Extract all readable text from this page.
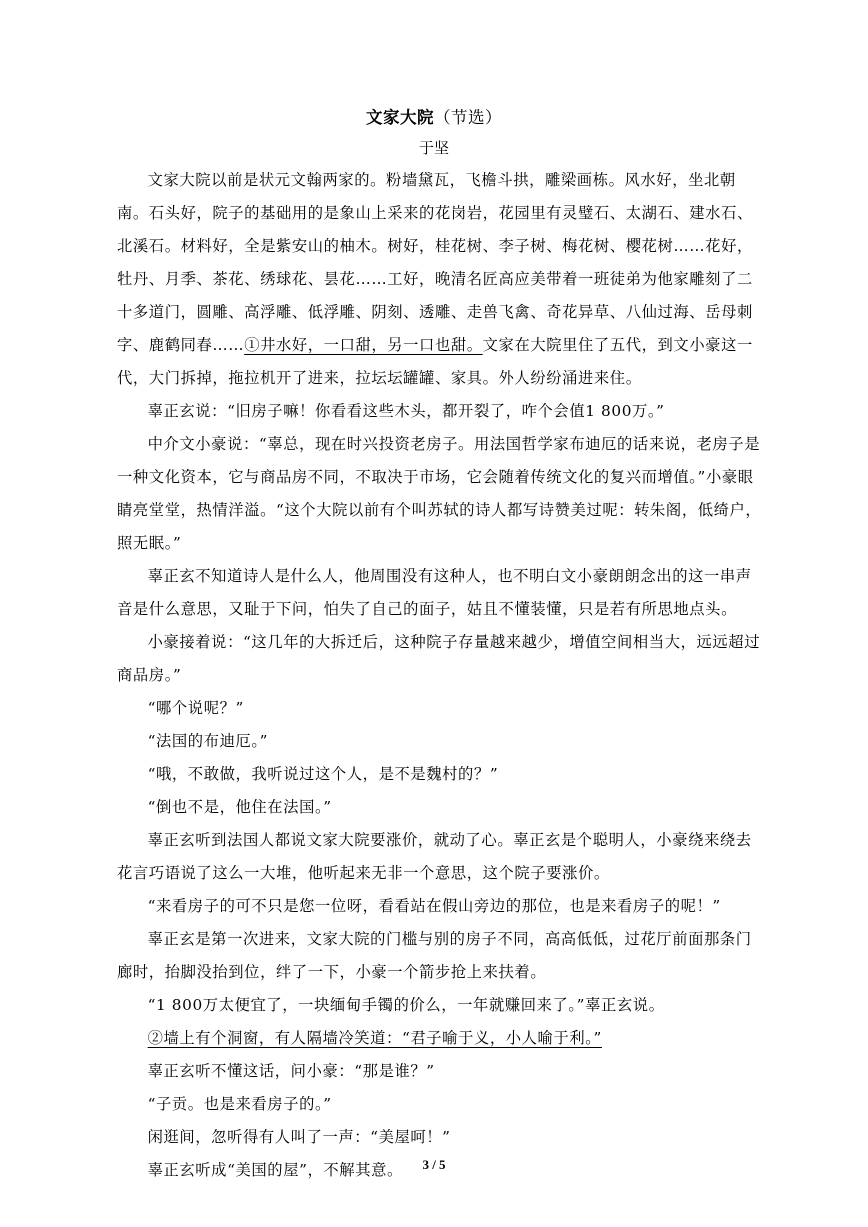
文家大院（节选）
于坚

文家大院以前是状元文翰两家的。粉墙黛瓦，飞檐斗拱，雕梁画栋。风水好，坐北朝南。石头好，院子的基础用的是象山上采来的花岗岩，花园里有灵璧石、太湖石、建水石、北溪石。材料好，全是紫安山的柚木。树好，桂花树、李子树、梅花树、樱花树……花好，牡丹、月季、茶花、绣球花、昙花……工好，晚清名匠高应美带着一班徒弟为他家雕刻了二十多道门，圆雕、高浮雕、低浮雕、阴刻、透雕、走兽飞禽、奇花异草、八仙过海、岳母刺字、鹿鹤同春……①井水好，一口甜，另一口也甜。文家在大院里住了五代，到文小豪这一代，大门拆掉，拖拉机开了进来，拉坛坛罐罐、家具。外人纷纷涌进来住。

辜正玄说：“旧房子嘛！你看看这些木头，都开裂了，咋个会值1 800万。”

中介文小豪说：“辜总，现在时兴投资老房子。用法国哲学家布迪厄的话来说，老房子是一种文化资本，它与商品房不同，不取决于市场，它会随着传统文化的复兴而增值。”小豪眼睛亮堂堂，热情洋溢。“这个大院以前有个叫苏轼的诗人都写诗赞美过呢：转朱阁，低绮户，照无眠。”

辜正玄不知道诗人是什么人，他周围没有这种人，也不明白文小豪朗朗念出的这一串声音是什么意思，又耻于下问，怕失了自己的面子，姑且不懂装懂，只是若有所思地点头。

小豪接着说：“这几年的大拆迁后，这种院子存量越来越少，增值空间相当大，远远超过商品房。”

“哪个说呢？”

“法国的布迪厄。”

“哦，不敢做，我听说过这个人，是不是魏村的？”

“倒也不是，他住在法国。”

辜正玄听到法国人都说文家大院要涨价，就动了心。辜正玄是个聪明人，小豪绕来绕去花言巧语说了这么一大堆，他听起来无非一个意思，这个院子要涨价。

“来看房子的可不只是您一位呀，看看站在假山旁边的那位，也是来看房子的呢！”

辜正玄是第一次进来，文家大院的门槛与别的房子不同，高高低低，过花厅前面那条门廊时，抬脚没抬到位，绊了一下，小豪一个箭步抢上来扶着。

“1 800万太便宜了，一块缅甸手镯的价么，一年就赚回来了。”辜正玄说。

②墙上有个洞窗，有人隔墙冷笑道：“君子喻于义，小人喻于利。”

辜正玄听不懂这话，问小豪：“那是谁？”

“子贡。也是来看房子的。”

闲逛间，忽听得有人叫了一声：“美屋呵！”

辜正玄听成“美国的屋”，不解其意。	3 / 5
